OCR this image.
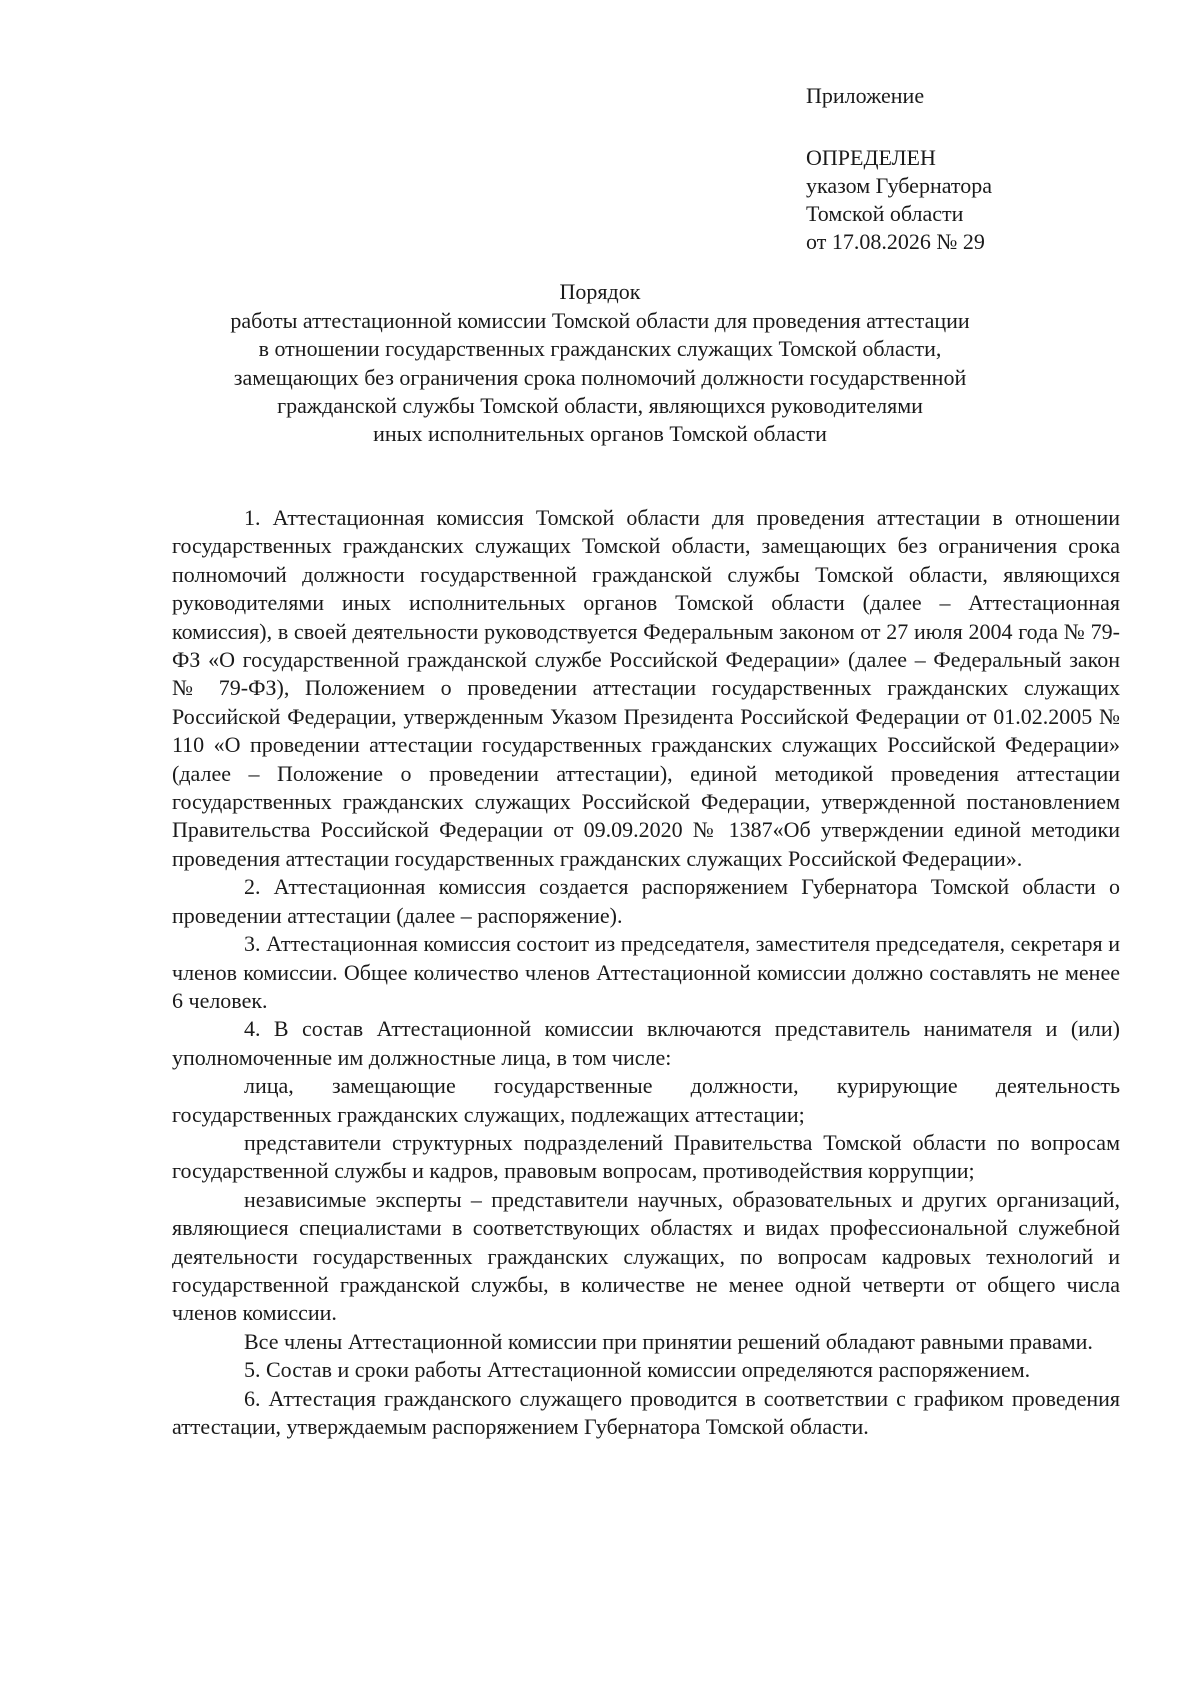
Приложение
ОПРЕДЕЛЕН
указом Губернатора
Томской области
от 17.08.2026 № 29
Порядок
работы аттестационной комиссии Томской области для проведения аттестации
в отношении государственных гражданских служащих Томской области,
замещающих без ограничения срока полномочий должности государственной
гражданской службы Томской области, являющихся руководителями
иных исполнительных органов Томской области

1. Аттестационная комиссия Томской области для проведения аттестации в отношении государственных гражданских служащих Томской области, замещающих без ограничения срока полномочий должности государственной гражданской службы Томской области, являющихся руководителями иных исполнительных органов Томской области (далее – Аттестационная комиссия), в своей деятельности руководствуется Федеральным законом от 27 июля 2004 года № 79-ФЗ «О государственной гражданской службе Российской Федерации» (далее – Федеральный закон № 79-ФЗ), Положением о проведении аттестации государственных гражданских служащих Российской Федерации, утвержденным Указом Президента Российской Федерации от 01.02.2005 № 110 «О проведении аттестации государственных гражданских служащих Российской Федерации» (далее – Положение о проведении аттестации), единой методикой проведения аттестации государственных гражданских служащих Российской Федерации, утвержденной постановлением Правительства Российской Федерации от 09.09.2020 № 1387«Об утверждении единой методики проведения аттестации государственных гражданских служащих Российской Федерации».

2. Аттестационная комиссия создается распоряжением Губернатора Томской области о проведении аттестации (далее – распоряжение).

3. Аттестационная комиссия состоит из председателя, заместителя председателя, секретаря и членов комиссии. Общее количество членов Аттестационной комиссии должно составлять не менее 6 человек.

4. В состав Аттестационной комиссии включаются представитель нанимателя и (или) уполномоченные им должностные лица, в том числе:

лица, замещающие государственные должности, курирующие деятельность государственных гражданских служащих, подлежащих аттестации;

представители структурных подразделений Правительства Томской области по вопросам государственной службы и кадров, правовым вопросам, противодействия коррупции;

независимые эксперты – представители научных, образовательных и других организаций, являющиеся специалистами в соответствующих областях и видах профессиональной служебной деятельности государственных гражданских служащих, по вопросам кадровых технологий и государственной гражданской службы, в количестве не менее одной четверти от общего числа членов комиссии.

Все члены Аттестационной комиссии при принятии решений обладают равными правами.

5. Состав и сроки работы Аттестационной комиссии определяются распоряжением.

6. Аттестация гражданского служащего проводится в соответствии с графиком проведения аттестации, утверждаемым распоряжением Губернатора Томской области.
